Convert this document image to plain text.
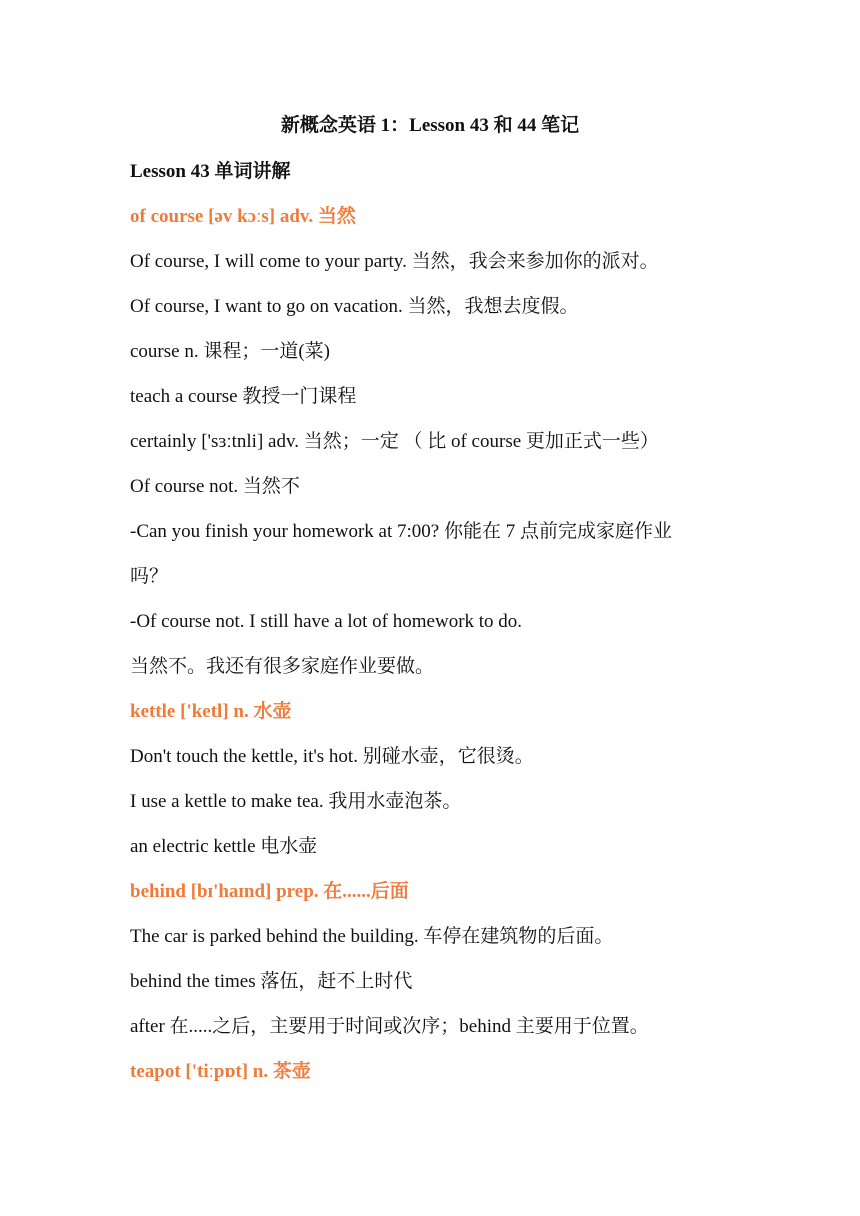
新概念英语 1：Lesson 43 和 44 笔记
Lesson 43 单词讲解
of course [əv kɔːs] adv. 当然
Of course, I will come to your party. 当然，我会来参加你的派对。
Of course, I want to go on vacation. 当然，我想去度假。
course n. 课程；一道(菜)
teach a course 教授一门课程
certainly ['sɜːtnli] adv. 当然；一定 （ 比 of course 更加正式一些）
Of course not. 当然不
-Can you finish your homework at 7:00? 你能在 7 点前完成家庭作业
吗？
-Of course not. I still have a lot of homework to do.
当然不。我还有很多家庭作业要做。
kettle ['ketl] n. 水壶
Don't touch the kettle, it's hot. 别碰水壶，它很烫。
I use a kettle to make tea. 我用水壶泡茶。
an electric kettle 电水壶
behind [bɪ'haɪnd] prep. 在......后面
The car is parked behind the building. 车停在建筑物的后面。
behind the times 落伍，赶不上时代
after 在.....之后，主要用于时间或次序；behind 主要用于位置。
teapot ['tiːpɒt] n. 茶壶
